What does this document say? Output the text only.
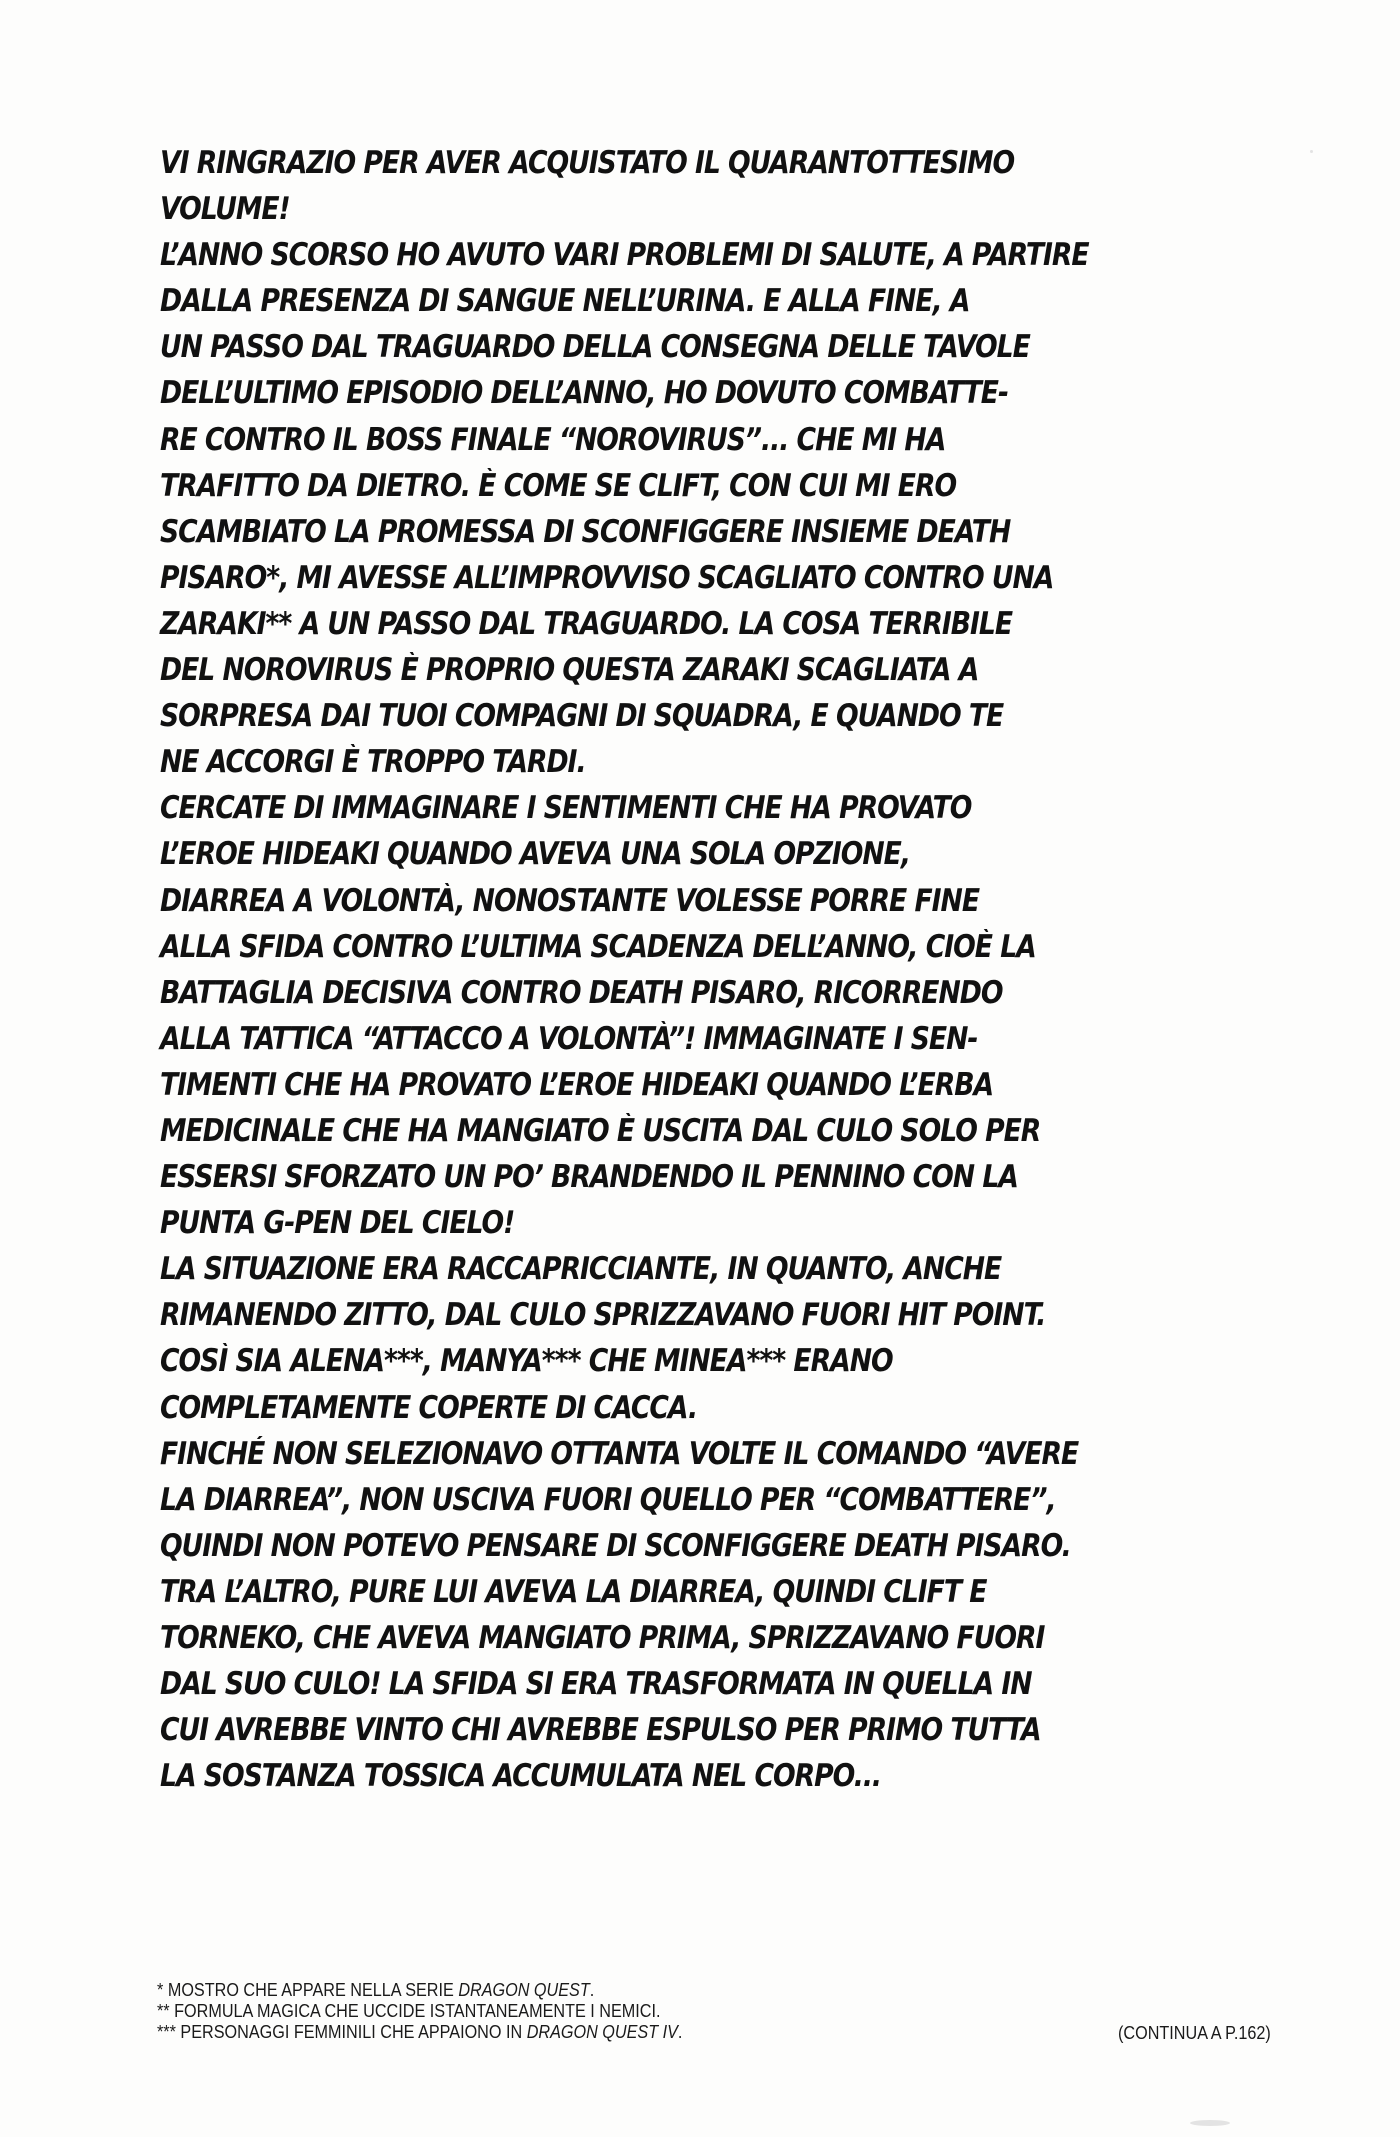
VI RINGRAZIO PER AVER ACQUISTATO IL QUARANTOTTESIMO
VOLUME!
L’ANNO SCORSO HO AVUTO VARI PROBLEMI DI SALUTE, A PARTIRE
DALLA PRESENZA DI SANGUE NELL’URINA. E ALLA FINE, A
UN PASSO DAL TRAGUARDO DELLA CONSEGNA DELLE TAVOLE
DELL’ULTIMO EPISODIO DELL’ANNO, HO DOVUTO COMBATTE-
RE CONTRO IL BOSS FINALE “NOROVIRUS”... CHE MI HA
TRAFITTO DA DIETRO. È COME SE CLIFT, CON CUI MI ERO
SCAMBIATO LA PROMESSA DI SCONFIGGERE INSIEME DEATH
PISARO*, MI AVESSE ALL’IMPROVVISO SCAGLIATO CONTRO UNA
ZARAKI** A UN PASSO DAL TRAGUARDO. LA COSA TERRIBILE
DEL NOROVIRUS È PROPRIO QUESTA ZARAKI SCAGLIATA A
SORPRESA DAI TUOI COMPAGNI DI SQUADRA, E QUANDO TE
NE ACCORGI È TROPPO TARDI.
CERCATE DI IMMAGINARE I SENTIMENTI CHE HA PROVATO
L’EROE HIDEAKI QUANDO AVEVA UNA SOLA OPZIONE,
DIARREA A VOLONTÀ, NONOSTANTE VOLESSE PORRE FINE
ALLA SFIDA CONTRO L’ULTIMA SCADENZA DELL’ANNO, CIOÈ LA
BATTAGLIA DECISIVA CONTRO DEATH PISARO, RICORRENDO
ALLA TATTICA “ATTACCO A VOLONTÀ”! IMMAGINATE I SEN-
TIMENTI CHE HA PROVATO L’EROE HIDEAKI QUANDO L’ERBA
MEDICINALE CHE HA MANGIATO È USCITA DAL CULO SOLO PER
ESSERSI SFORZATO UN PO’ BRANDENDO IL PENNINO CON LA
PUNTA G-PEN DEL CIELO!
LA SITUAZIONE ERA RACCAPRICCIANTE, IN QUANTO, ANCHE
RIMANENDO ZITTO, DAL CULO SPRIZZAVANO FUORI HIT POINT.
COSÌ SIA ALENA***, MANYA*** CHE MINEA*** ERANO
COMPLETAMENTE COPERTE DI CACCA.
FINCHÉ NON SELEZIONAVO OTTANTA VOLTE IL COMANDO “AVERE
LA DIARREA”, NON USCIVA FUORI QUELLO PER “COMBATTERE”,
QUINDI NON POTEVO PENSARE DI SCONFIGGERE DEATH PISARO.
TRA L’ALTRO, PURE LUI AVEVA LA DIARREA, QUINDI CLIFT E
TORNEKO, CHE AVEVA MANGIATO PRIMA, SPRIZZAVANO FUORI
DAL SUO CULO! LA SFIDA SI ERA TRASFORMATA IN QUELLA IN
CUI AVREBBE VINTO CHI AVREBBE ESPULSO PER PRIMO TUTTA
LA SOSTANZA TOSSICA ACCUMULATA NEL CORPO...
* MOSTRO CHE APPARE NELLA SERIE DRAGON QUEST.
** FORMULA MAGICA CHE UCCIDE ISTANTANEAMENTE I NEMICI.
*** PERSONAGGI FEMMINILI CHE APPAIONO IN DRAGON QUEST IV.	(CONTINUA A P.162)
